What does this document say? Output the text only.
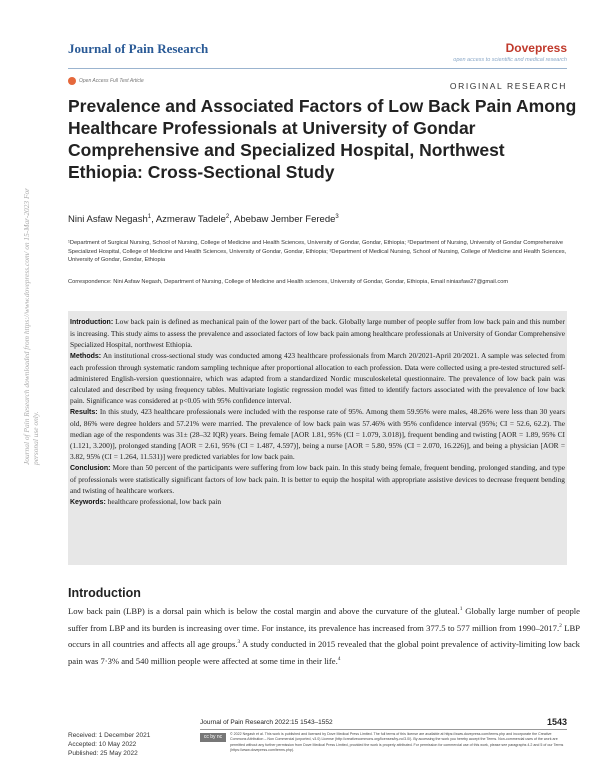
Journal of Pain Research	Dovepress
open access to scientific and medical research
Open Access Full Text Article	ORIGINAL RESEARCH
Prevalence and Associated Factors of Low Back Pain Among Healthcare Professionals at University of Gondar Comprehensive and Specialized Hospital, Northwest Ethiopia: Cross-Sectional Study
Nini Asfaw Negash$^1$, Azmeraw Tadele$^2$, Abebaw Jember Ferede$^3$
¹Department of Surgical Nursing, School of Nursing, College of Medicine and Health Sciences, University of Gondar, Gondar, Ethiopia; ²Department of Nursing, University of Gondar Comprehensive Specialized Hospital, College of Medicine and Health Sciences, University of Gondar, Gondar, Ethiopia; ³Department of Medical Nursing, School of Nursing, College of Medicine and Health Sciences, University of Gondar, Gondar, Ethiopia
Correspondence: Nini Asfaw Negash, Department of Nursing, College of Medicine and Health sciences, University of Gondar, Gondar, Ethiopia, Email niniasfaw27@gmail.com

Introduction: Low back pain is defined as mechanical pain of the lower part of the back. Globally large number of people suffer from low back pain and this number is increasing. This study aims to assess the prevalence and associated factors of low back pain among healthcare professionals at University of Gondar Comprehensive Specialized Hospital, northwest Ethiopia.

Methods: An institutional cross-sectional study was conducted among 423 healthcare professionals from March 20/2021-April 20/2021. A sample was selected from each profession through systematic random sampling technique after proportional allocation to each profession. Data were collected using a pre-tested structured self-administered English-version questionnaire, which was adapted from a standardized Nordic musculoskeletal questionnaire. The prevalence of low back pain was calculated and described by using frequency tables. Multivariate logistic regression model was fitted to identify factors associated with the prevalence of low back pain. Significance was considered at p<0.05 with 95% confidence interval.

Results: In this study, 423 healthcare professionals were included with the response rate of 95%. Among them 59.95% were males, 48.26% were less than 30 years old, 86% were degree holders and 57.21% were married. The prevalence of low back pain was 57.46% with 95% confidence interval (95%; CI = 52.6, 62.2). The median age of the respondents was 31± (28–32 IQR) years. Being female [AOR 1.81, 95% (CI = 1.079, 3.018)], frequent bending and twisting [AOR = 1.89, 95% CI (1.121, 3.200)], prolonged standing [AOR = 2.61, 95% (CI = 1.487, 4.597)], being a nurse [AOR = 5.80, 95% (CI = 2.070, 16.226)], and being a physician [AOR = 3.82, 95% (CI = 1.264, 11.531)] were predicted variables for low back pain.

Conclusion: More than 50 percent of the participants were suffering from low back pain. In this study being female, frequent bending, prolonged standing, and type of professionals were statistically significant factors of low back pain. It is better to equip the hospital with appropriate assistive devices to decrease frequent bending and twisting of healthcare workers.

Keywords: healthcare professional, low back pain

Introduction

Low back pain (LBP) is a dorsal pain which is below the costal margin and above the curvature of the gluteal.$^1$ Globally large number of people suffer from LBP and its burden is increasing over time. For instance, its prevalence has increased from 377.5 to 577 million from 1990–2017.$^2$ LBP occurs in all countries and affects all age groups.$^3$ A study conducted in 2015 revealed that the global point prevalence of activity-limiting low back pain was 7·3% and 540 million people were affected at some time in their life.$^4$

Journal of Pain Research downloaded from https://www.dovepress.com/ on 15-Mar-2023 For personal use only.
Received: 1 December 2021
Accepted: 10 May 2022
Published: 25 May 2022
Journal of Pain Research 2022:15 1543–1552	1543
cc by nc	© 2022 Negash et al. This work is published and licensed by Dove Medical Press Limited. The full terms of this license are available at https://www.dovepress.com/terms.php and incorporate the Creative Commons Attribution – Non Commercial (unported, v3.0) License (http://creativecommons.org/licenses/by-nc/3.0/). By accessing the work you hereby accept the Terms. Non-commercial uses of the work are permitted without any further permission from Dove Medical Press Limited, provided the work is properly attributed. For permission for commercial use of this work, please see paragraphs 4.2 and 5 of our Terms (https://www.dovepress.com/terms.php).
